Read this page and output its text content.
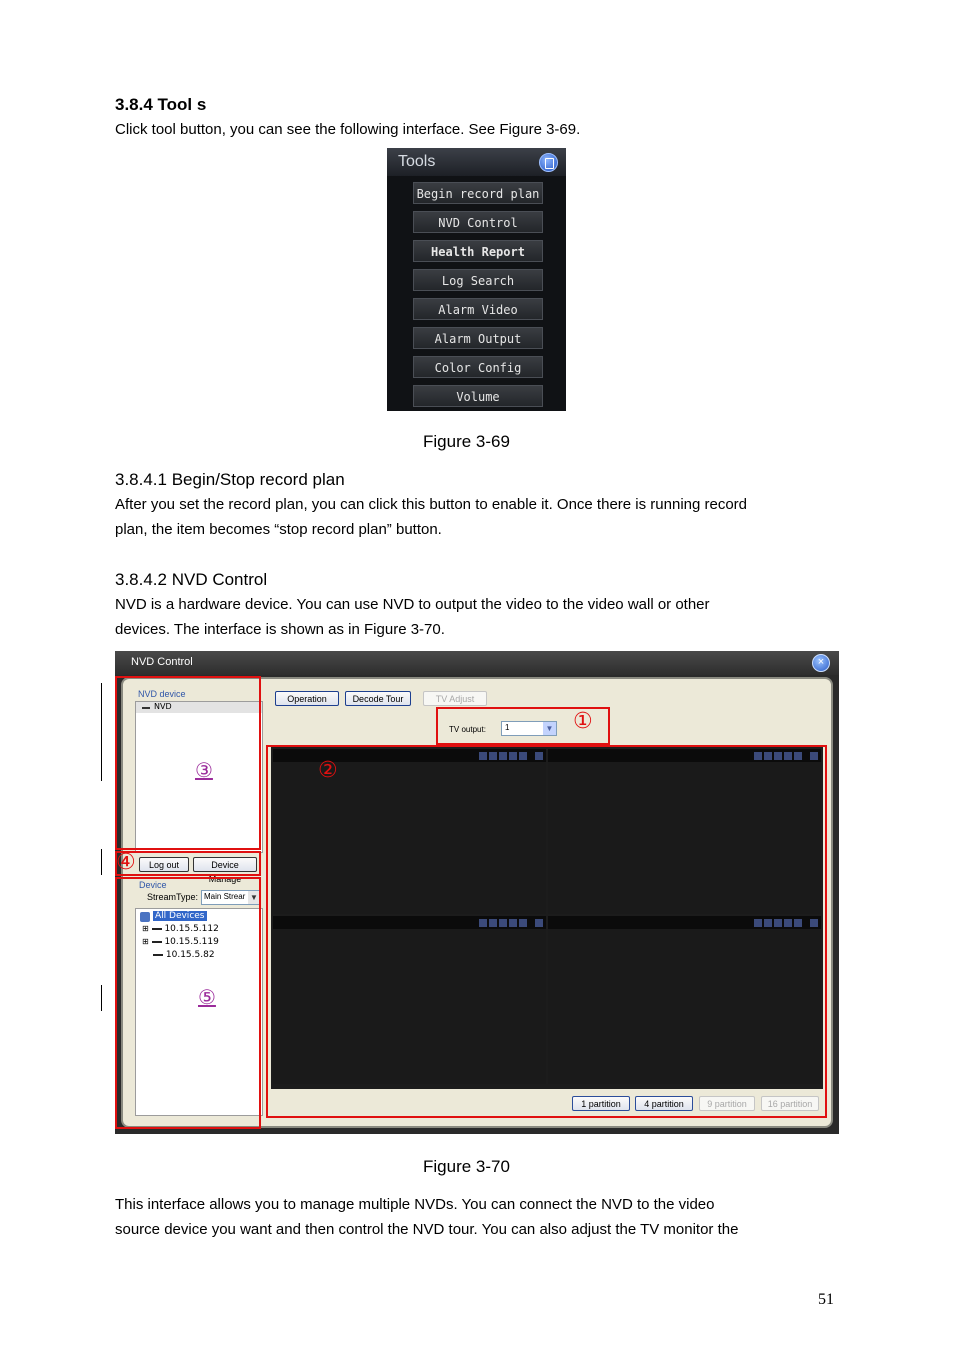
3.8.4 Tool s
Click tool button, you can see the following interface. See Figure 3-69.
Tools
Begin record plan
NVD Control
Health Report
Log Search
Alarm Video
Alarm Output
Color Config
Volume
Figure 3-69
3.8.4.1 Begin/Stop record plan
After you set the record plan, you can click this button to enable it. Once there is running record
plan, the item becomes “stop record plan” button.
3.8.4.2 NVD Control
NVD is a hardware device. You can use NVD to output the video to the video wall or other
devices. The interface is shown as in Figure 3-70.
NVD Control	×
NVD device
NVD
Operation	Decode Tour	TV Adjust
TV output: 1	▼
Log out	Device Manage
Device
StreamType: Main Strear ▼
All Devices
⊞ 10.15.5.112
⊞ 10.15.5.119
10.15.5.82
1 partition	4 partition	9 partition	16 partition
①
②
③
④
⑤
Figure 3-70
This interface allows you to manage multiple NVDs. You can connect the NVD to the video
source device you want and then control the NVD tour. You can also adjust the TV monitor the
51
